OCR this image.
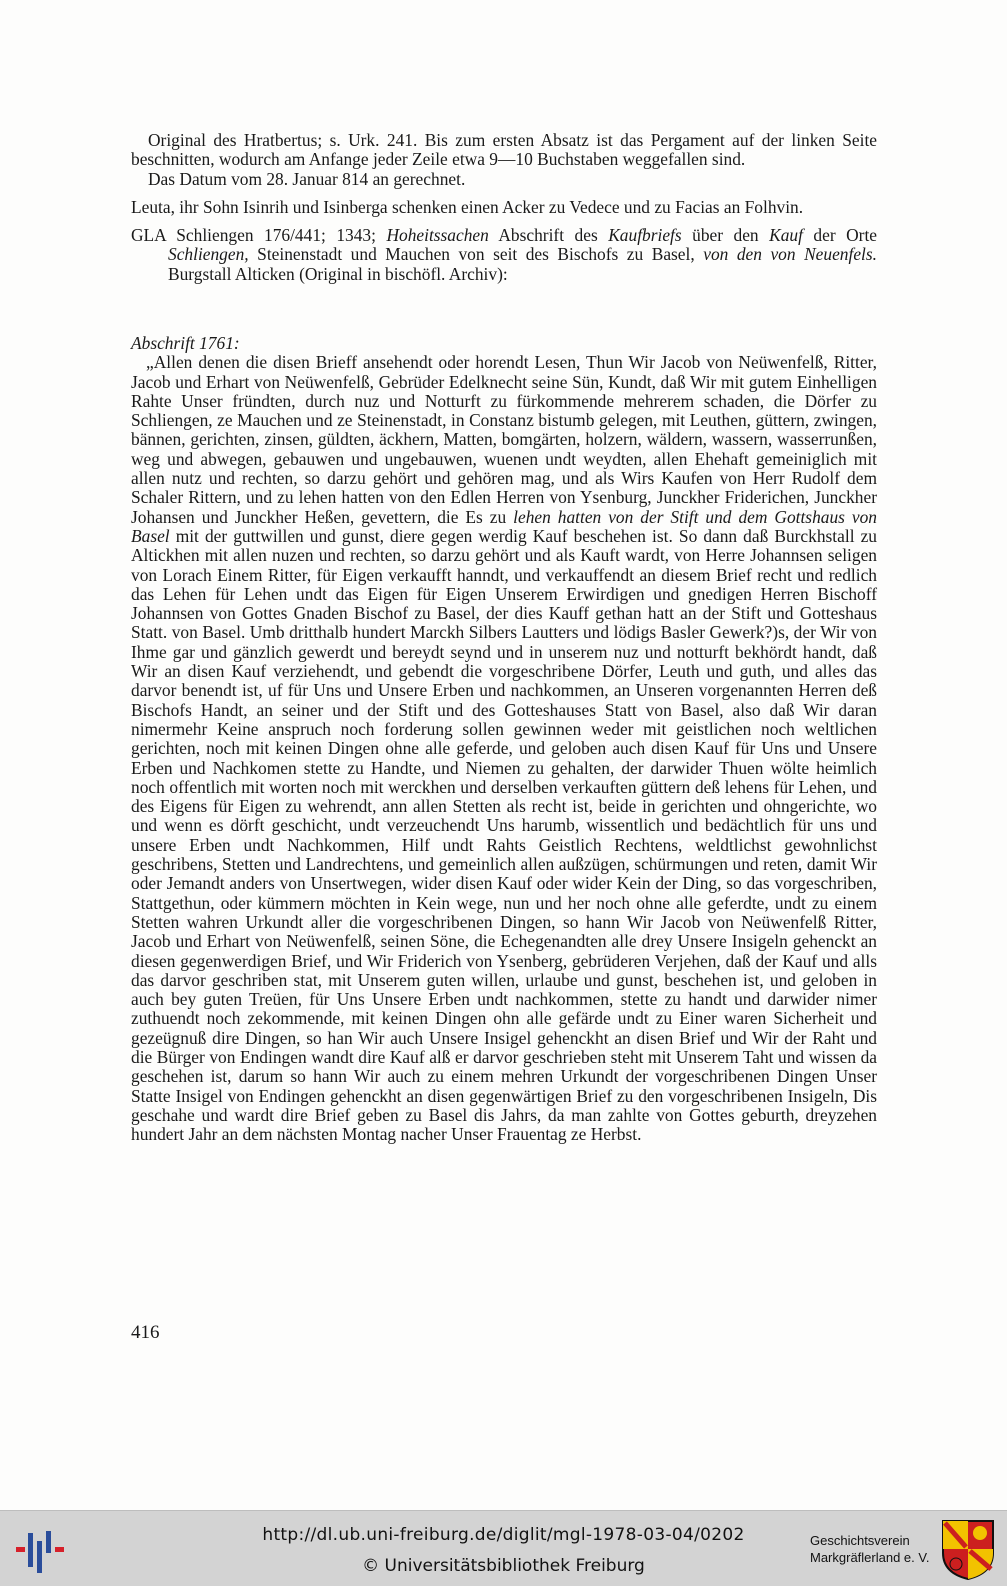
Original des Hratbertus; s. Urk. 241. Bis zum ersten Absatz ist das Pergament auf der linken Seite beschnitten, wodurch am Anfange jeder Zeile etwa 9—10 Buchstaben weggefallen sind.

Das Datum vom 28. Januar 814 an gerechnet.

Leuta, ihr Sohn Isinrih und Isinberga schenken einen Acker zu Vedece und zu Facias an Folhvin.

GLA Schliengen 176/441; 1343; Hoheitssachen Abschrift des Kaufbriefs über den Kauf der Orte Schliengen, Steinenstadt und Mauchen von seit des Bischofs zu Basel, von den von Neuenfels. Burgstall Alticken (Original in bischöfl. Archiv):

Abschrift 1761:

„Allen denen die disen Brieff ansehendt oder horendt Lesen, Thun Wir Jacob von Neüwenfelß, Ritter, Jacob und Erhart von Neüwenfelß, Gebrüder Edelknecht seine Sün, Kundt, daß Wir mit gutem Einhelligen Rahte Unser fründten, durch nuz und Notturft zu fürkommende mehrerem schaden, die Dörfer zu Schliengen, ze Mauchen und ze Steinenstadt, in Constanz bistumb gelegen, mit Leuthen, güttern, zwingen, bännen, gerichten, zinsen, güldten, äckhern, Matten, bomgärten, holzern, wäldern, wassern, wasserrunßen, weg und abwegen, gebauwen und ungebauwen, wuenen undt weydten, allen Ehehaft gemeiniglich mit allen nutz und rechten, so darzu gehört und gehören mag, und als Wirs Kaufen von Herr Rudolf dem Schaler Rittern, und zu lehen hatten von den Edlen Herren von Ysenburg, Junckher Friderichen, Junckher Johansen und Junckher Heßen, gevettern, die Es zu lehen hatten von der Stift und dem Gottshaus von Basel mit der guttwillen und gunst, diere gegen werdig Kauf beschehen ist. So dann daß Burckhstall zu Altickhen mit allen nuzen und rechten, so darzu gehört und als Kauft wardt, von Herre Johannsen seligen von Lorach Einem Ritter, für Eigen verkaufft hanndt, und verkauffendt an diesem Brief recht und redlich das Lehen für Lehen undt das Eigen für Eigen Unserem Erwirdigen und gnedigen Herren Bischoff Johannsen von Gottes Gnaden Bischof zu Basel, der dies Kauff gethan hatt an der Stift und Gotteshaus Statt. von Basel. Umb dritthalb hundert Marckh Silbers Lautters und lödigs Basler Gewerk?)s, der Wir von Ihme gar und gänzlich gewerdt und bereydt seynd und in unserem nuz und notturft bekhördt handt, daß Wir an disen Kauf verziehendt, und gebendt die vorgeschribene Dörfer, Leuth und guth, und alles das darvor benendt ist, uf für Uns und Unsere Erben und nachkommen, an Unseren vorgenannten Herren deß Bischofs Handt, an seiner und der Stift und des Gotteshauses Statt von Basel, also daß Wir daran nimermehr Keine anspruch noch forderung sollen gewinnen weder mit geistlichen noch weltlichen gerichten, noch mit keinen Dingen ohne alle geferde, und geloben auch disen Kauf für Uns und Unsere Erben und Nachkomen stette zu Handte, und Niemen zu gehalten, der darwider Thuen wölte heimlich noch offentlich mit worten noch mit werckhen und derselben verkauften güttern deß lehens für Lehen, und des Eigens für Eigen zu wehrendt, ann allen Stetten als recht ist, beide in gerichten und ohngerichte, wo und wenn es dörft geschicht, undt verzeuchendt Uns harumb, wissentlich und bedächtlich für uns und unsere Erben undt Nachkommen, Hilf undt Rahts Geistlich Rechtens, weldtlichst gewohnlichst geschribens, Stetten und Landrechtens, und gemeinlich allen außzügen, schürmungen und reten, damit Wir oder Jemandt anders von Unsertwegen, wider disen Kauf oder wider Kein der Ding, so das vorgeschriben, Stattgethun, oder kümmern möchten in Kein wege, nun und her noch ohne alle geferdte, undt zu einem Stetten wahren Urkundt aller die vorgeschribenen Dingen, so hann Wir Jacob von Neüwenfelß Ritter, Jacob und Erhart von Neüwenfelß, seinen Söne, die Echegenandten alle drey Unsere Insigeln gehenckt an diesen gegenwerdigen Brief, und Wir Friderich von Ysenberg, gebrüderen Verjehen, daß der Kauf und alls das darvor geschriben stat, mit Unserem guten willen, urlaube und gunst, beschehen ist, und geloben in auch bey guten Treüen, für Uns Unsere Erben undt nachkommen, stette zu handt und darwider nimer zuthuendt noch zekommende, mit keinen Dingen ohn alle gefärde undt zu Einer waren Sicherheit und gezeügnuß dire Dingen, so han Wir auch Unsere Insigel gehenckht an disen Brief und Wir der Raht und die Bürger von Endingen wandt dire Kauf alß er darvor geschrieben steht mit Unserem Taht und wissen da geschehen ist, darum so hann Wir auch zu einem mehren Urkundt der vorgeschribenen Dingen Unser Statte Insigel von Endingen gehenckht an disen gegenwärtigen Brief zu den vorgeschribenen Insigeln, Dis geschahe und wardt dire Brief geben zu Basel dis Jahrs, da man zahlte von Gottes geburth, dreyzehen hundert Jahr an dem nächsten Montag nacher Unser Frauentag ze Herbst.

416
http://dl.ub.uni-freiburg.de/diglit/mgl-1978-03-04/0202
© Universitätsbibliothek Freiburg
Geschichtsverein
Markgräflerland e. V.
